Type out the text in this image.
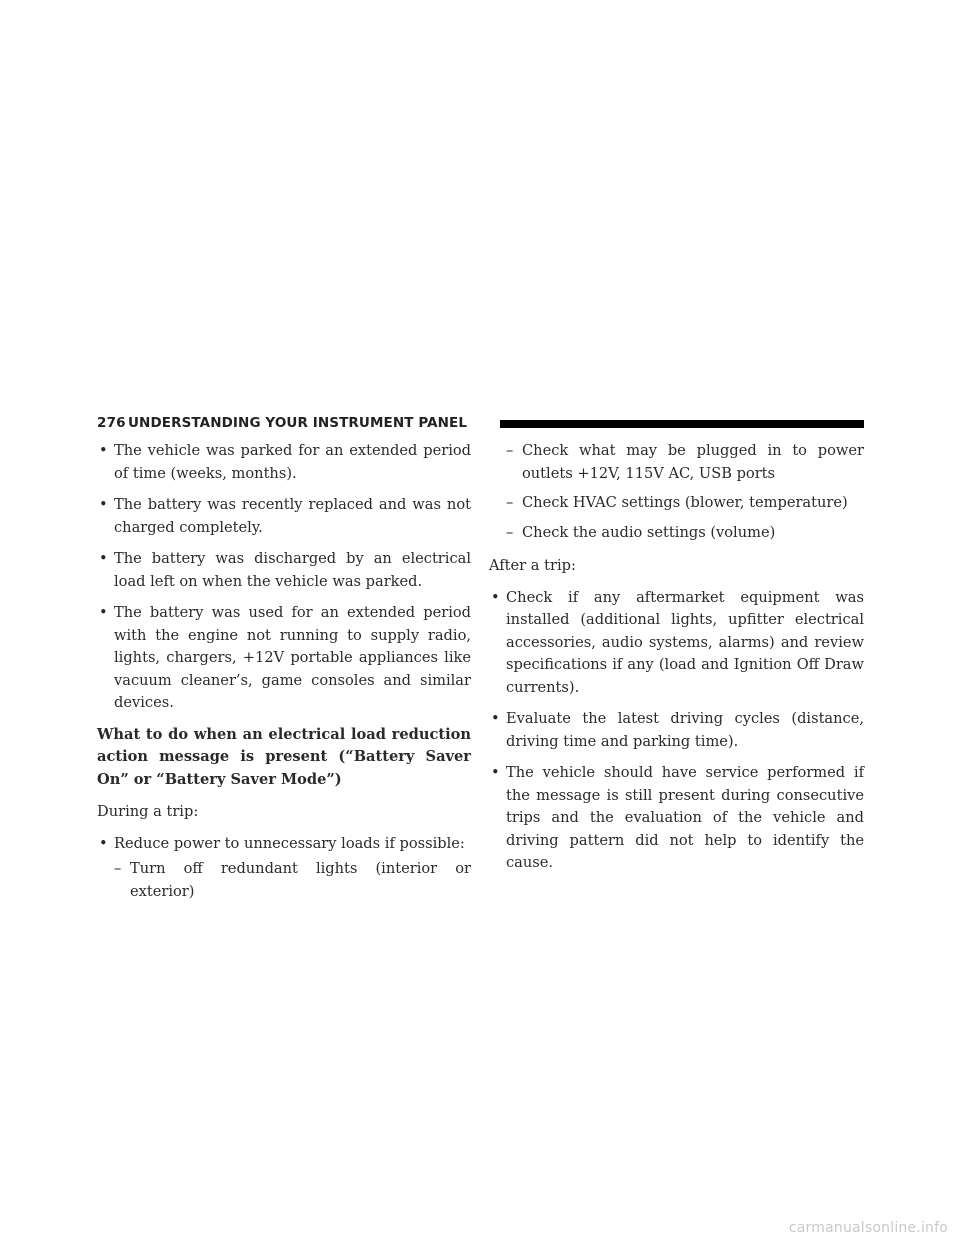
276 UNDERSTANDING YOUR INSTRUMENT PANEL
• The vehicle was parked for an extended period of time (weeks, months).
• The battery was recently replaced and was not charged completely.
• The battery was discharged by an electrical load left on when the vehicle was parked.
• The battery was used for an extended period with the engine not running to supply radio, lights, chargers, +12V portable appliances like vacuum cleaner’s, game consoles and similar devices.
What to do when an electrical load reduction action message is present (“Battery Saver On” or “Battery Saver Mode”)
During a trip:
• Reduce power to unnecessary loads if possible:
– Turn off redundant lights (interior or exterior)
– Check what may be plugged in to power outlets +12V, 115V AC, USB ports
– Check HVAC settings (blower, temperature)
– Check the audio settings (volume)
After a trip:
• Check if any aftermarket equipment was installed (additional lights, upfitter electrical accessories, audio systems, alarms) and review specifications if any (load and Ignition Off Draw currents).
• Evaluate the latest driving cycles (distance, driving time and parking time).
• The vehicle should have service performed if the message is still present during consecutive trips and the evaluation of the vehicle and driving pattern did not help to identify the cause.
carmanualsonline.info
